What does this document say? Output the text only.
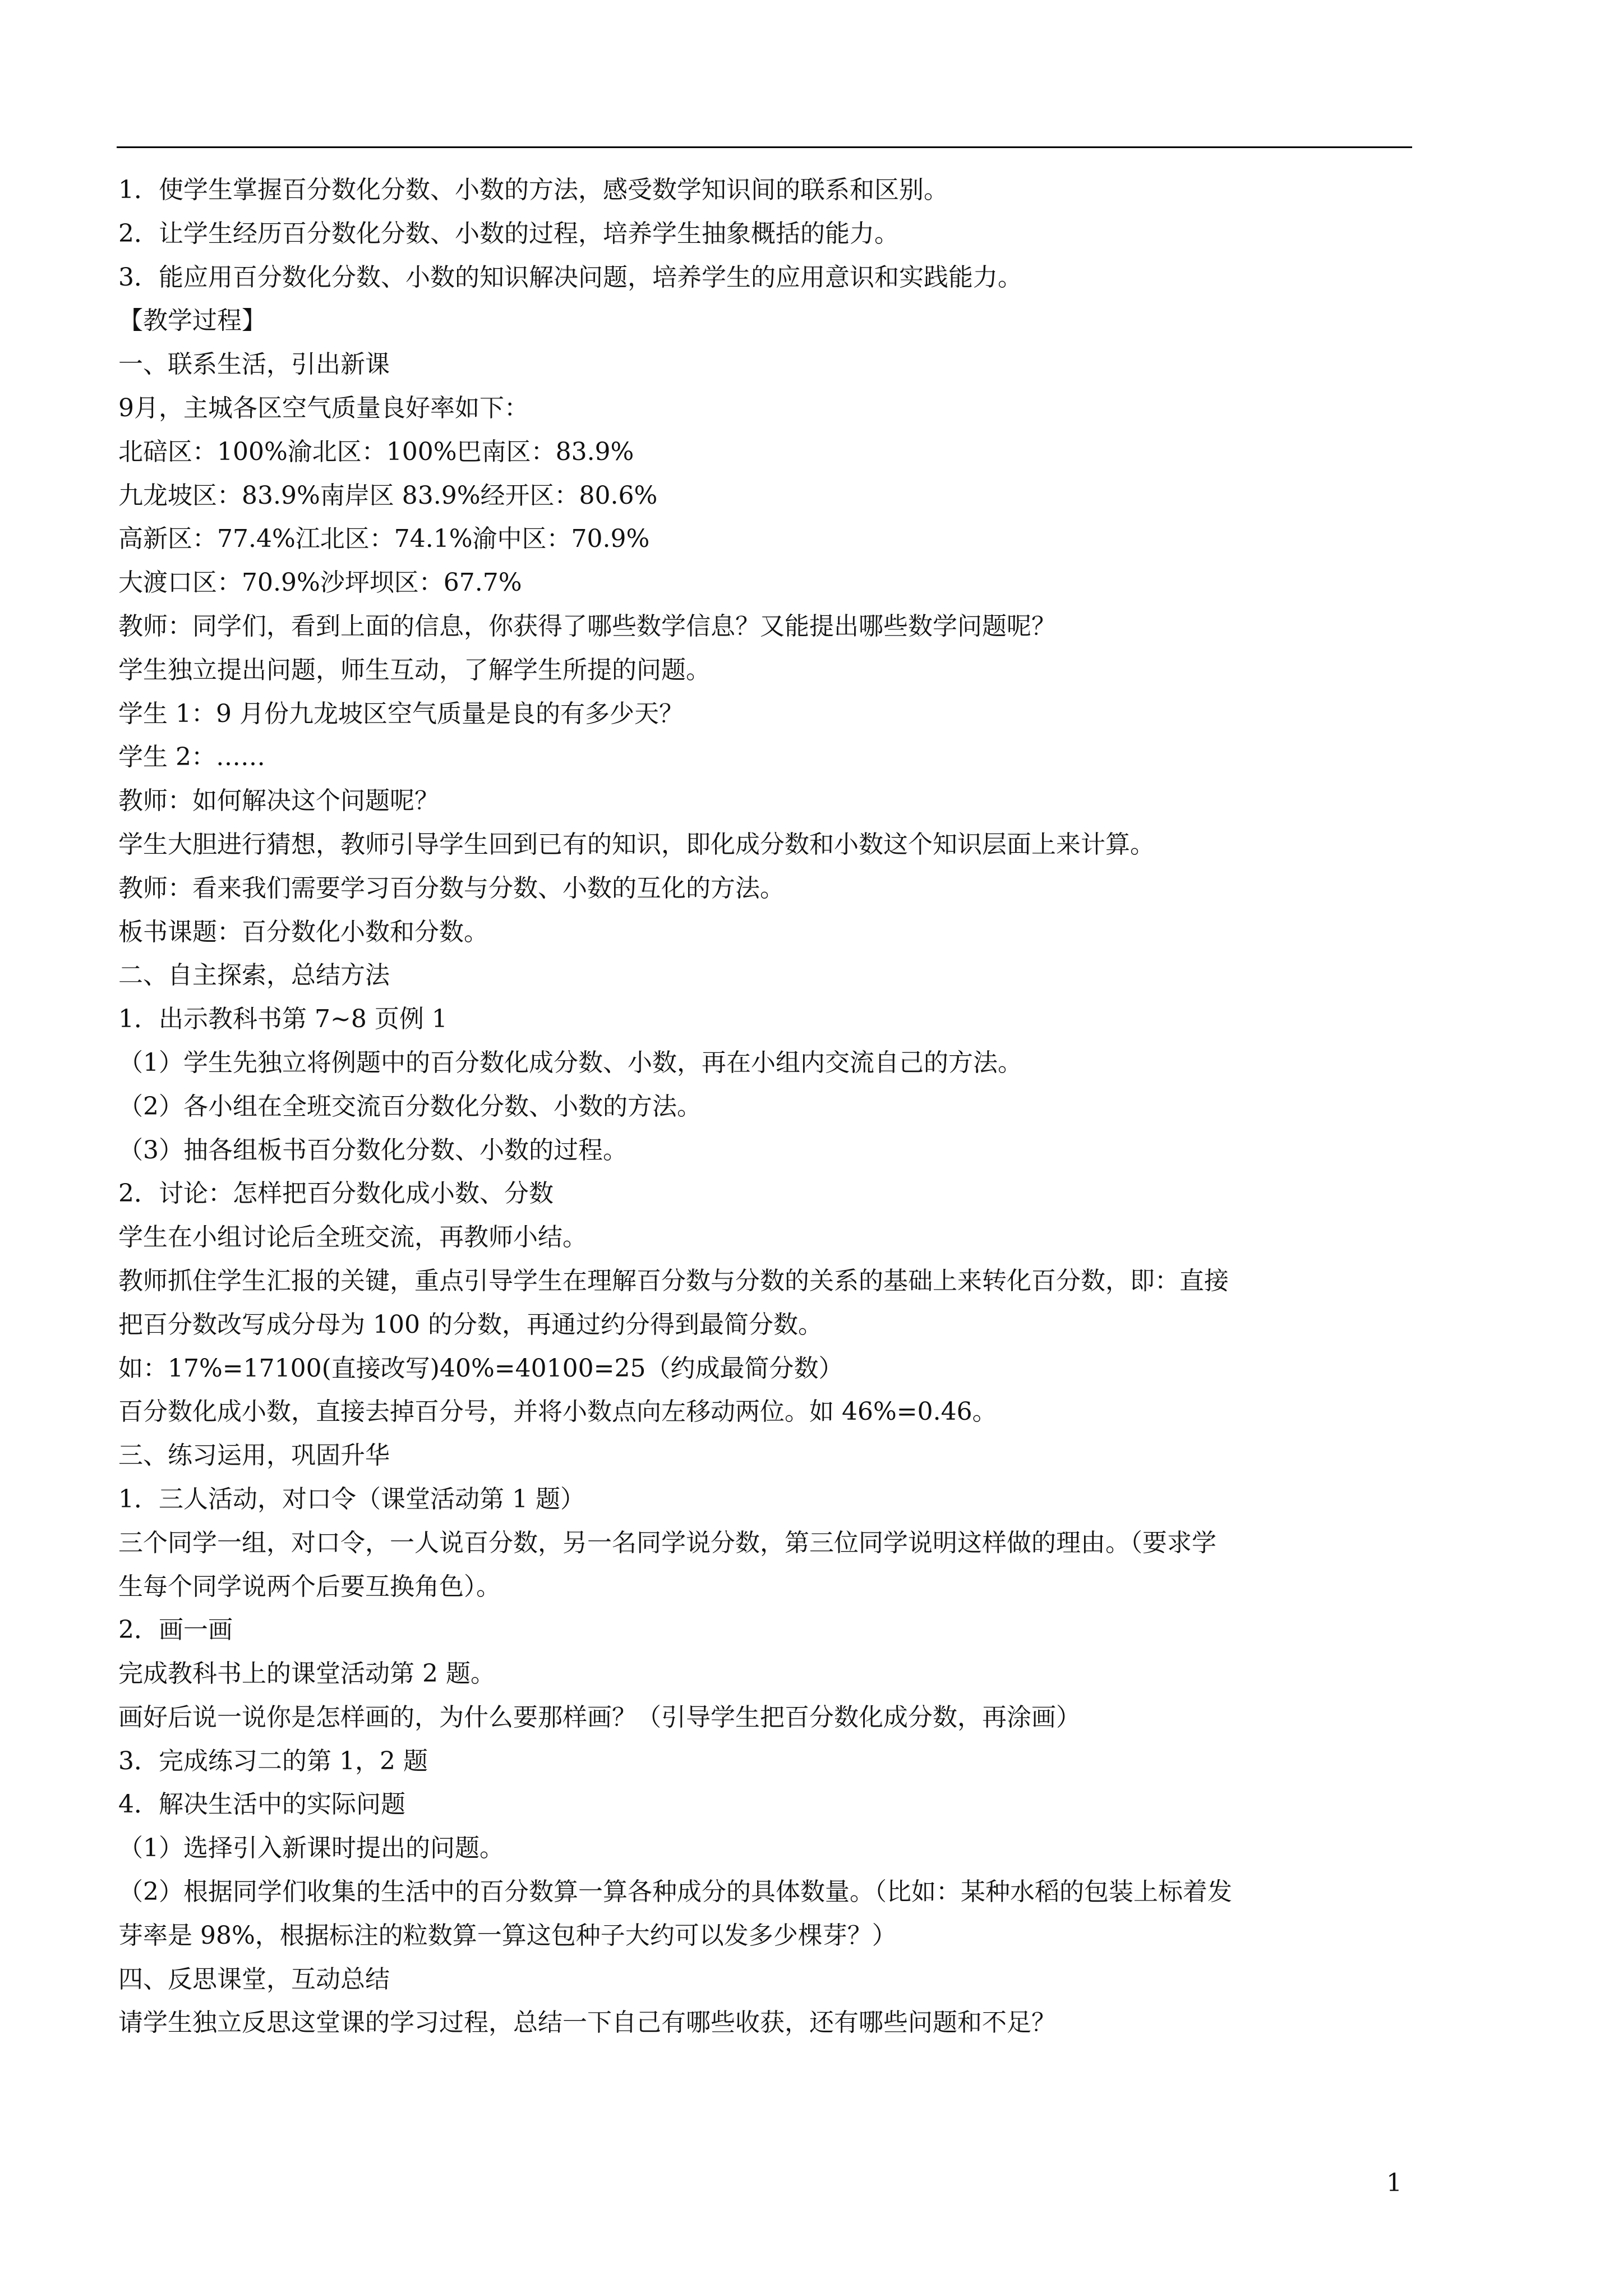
1．使学生掌握百分数化分数、小数的方法，感受数学知识间的联系和区别。
2．让学生经历百分数化分数、小数的过程，培养学生抽象概括的能力。
3．能应用百分数化分数、小数的知识解决问题，培养学生的应用意识和实践能力。
【教学过程】
一、联系生活，引出新课
9月，主城各区空气质量良好率如下：
北碚区：100%渝北区：100%巴南区：83.9%
九龙坡区：83.9%南岸区 83.9%经开区：80.6%
高新区：77.4%江北区：74.1%渝中区：70.9%
大渡口区：70.9%沙坪坝区：67.7%
教师：同学们，看到上面的信息，你获得了哪些数学信息？又能提出哪些数学问题呢？
学生独立提出问题，师生互动，了解学生所提的问题。
学生 1：9 月份九龙坡区空气质量是良的有多少天？
学生 2：……
教师：如何解决这个问题呢？
学生大胆进行猜想，教师引导学生回到已有的知识，即化成分数和小数这个知识层面上来计算。
教师：看来我们需要学习百分数与分数、小数的互化的方法。
板书课题：百分数化小数和分数。
二、自主探索，总结方法
1．出示教科书第 7~8 页例 1
（1）学生先独立将例题中的百分数化成分数、小数，再在小组内交流自己的方法。
（2）各小组在全班交流百分数化分数、小数的方法。
（3）抽各组板书百分数化分数、小数的过程。
2．讨论：怎样把百分数化成小数、分数
学生在小组讨论后全班交流，再教师小结。
教师抓住学生汇报的关键，重点引导学生在理解百分数与分数的关系的基础上来转化百分数，即：直接
把百分数改写成分母为 100 的分数，再通过约分得到最简分数。
如：17%=17100(直接改写)40%=40100=25（约成最简分数）
百分数化成小数，直接去掉百分号，并将小数点向左移动两位。如 46%=0.46。
三、练习运用，巩固升华
1．三人活动，对口令（课堂活动第 1 题）
三个同学一组，对口令，一人说百分数，另一名同学说分数，第三位同学说明这样做的理由。（要求学
生每个同学说两个后要互换角色）。
2．画一画
完成教科书上的课堂活动第 2 题。
画好后说一说你是怎样画的，为什么要那样画？（引导学生把百分数化成分数，再涂画）
3．完成练习二的第 1，2 题
4．解决生活中的实际问题
（1）选择引入新课时提出的问题。
（2）根据同学们收集的生活中的百分数算一算各种成分的具体数量。（比如：某种水稻的包装上标着发
芽率是 98%，根据标注的粒数算一算这包种子大约可以发多少棵芽？）
四、反思课堂，互动总结
请学生独立反思这堂课的学习过程，总结一下自己有哪些收获，还有哪些问题和不足？
1
